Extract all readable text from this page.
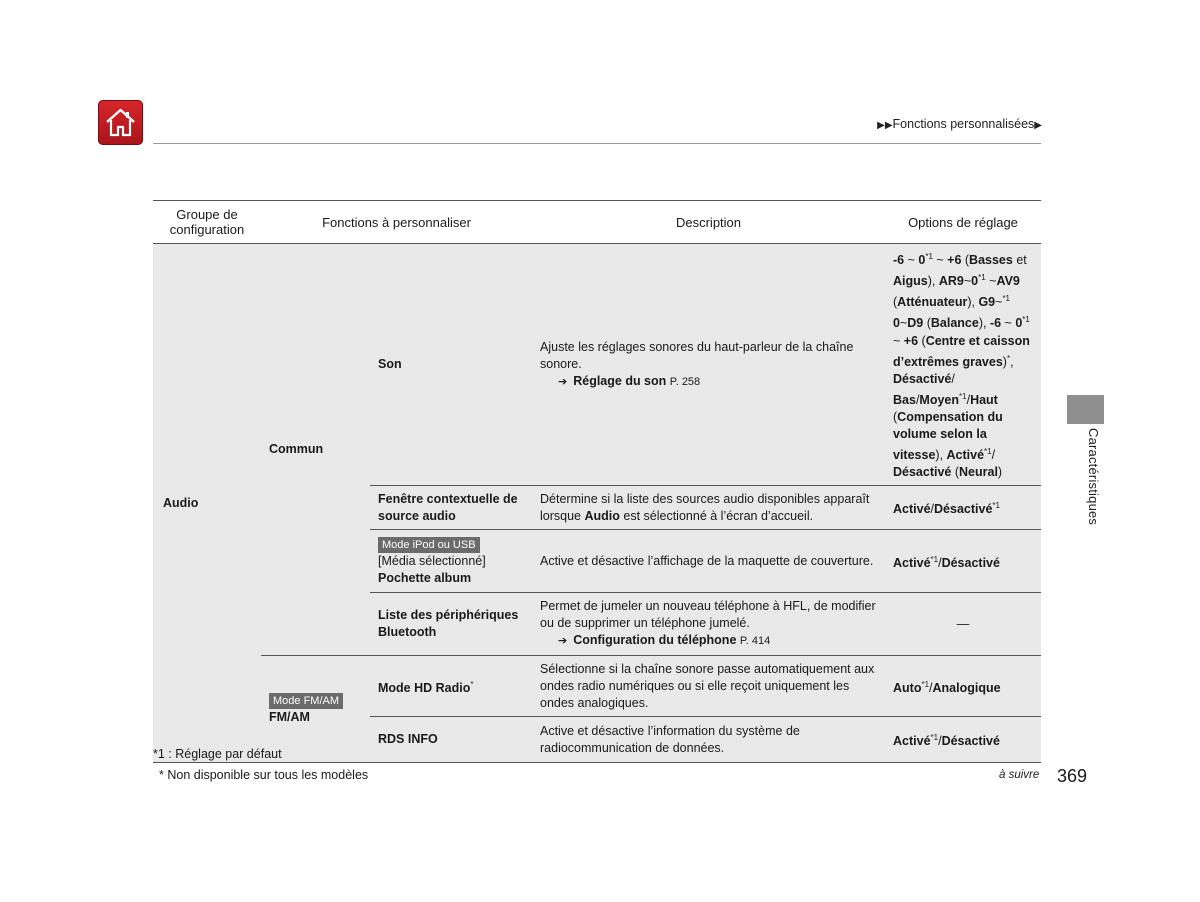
▶▶Fonctions personnalisées▶
Caractéristiques
Groupe de configuration	Fonctions à personnaliser		Description	Options de réglage
Audio	Commun	Son	Ajuste les réglages sonores du haut-parleur de la chaîne sonore.
➔ Réglage du son P. 258	-6 ~ 0$^{*1}$ ~ +6 (Basses et Aigus), AR9~0$^{*1}$ ~AV9 (Atténuateur), G9~$^{*1}$ 0~D9 (Balance), -6 ~ 0$^{*1}$ ~ +6 (Centre et caisson d’extrêmes graves)*, Désactivé/ Bas/Moyen$^{*1}$/Haut (Compensation du volume selon la vitesse), Activé$^{*1}$/ Désactivé (Neural)
		Fenêtre contextuelle de source audio	Détermine si la liste des sources audio disponibles apparaît lorsque Audio est sélectionné à l’écran d’accueil.	Activé/Désactivé$^{*1}$
		Mode iPod ou USB
[Média sélectionné]
Pochette album	Active et désactive l’affichage de la maquette de couverture.	Activé$^{*1}$/Désactivé
		Liste des périphériques Bluetooth	Permet de jumeler un nouveau téléphone à HFL, de modifier ou de supprimer un téléphone jumelé.
➔ Configuration du téléphone P. 414	—
	Mode FM/AM
FM/AM	Mode HD Radio*	Sélectionne si la chaîne sonore passe automatiquement aux ondes radio numériques ou si elle reçoit uniquement les ondes analogiques.	Auto$^{*1}$/Analogique
		RDS INFO	Active et désactive l’information du système de radiocommunication de données.	Activé$^{*1}$/Désactivé
*1 : Réglage par défaut
* Non disponible sur tous les modèles	à suivre 369
